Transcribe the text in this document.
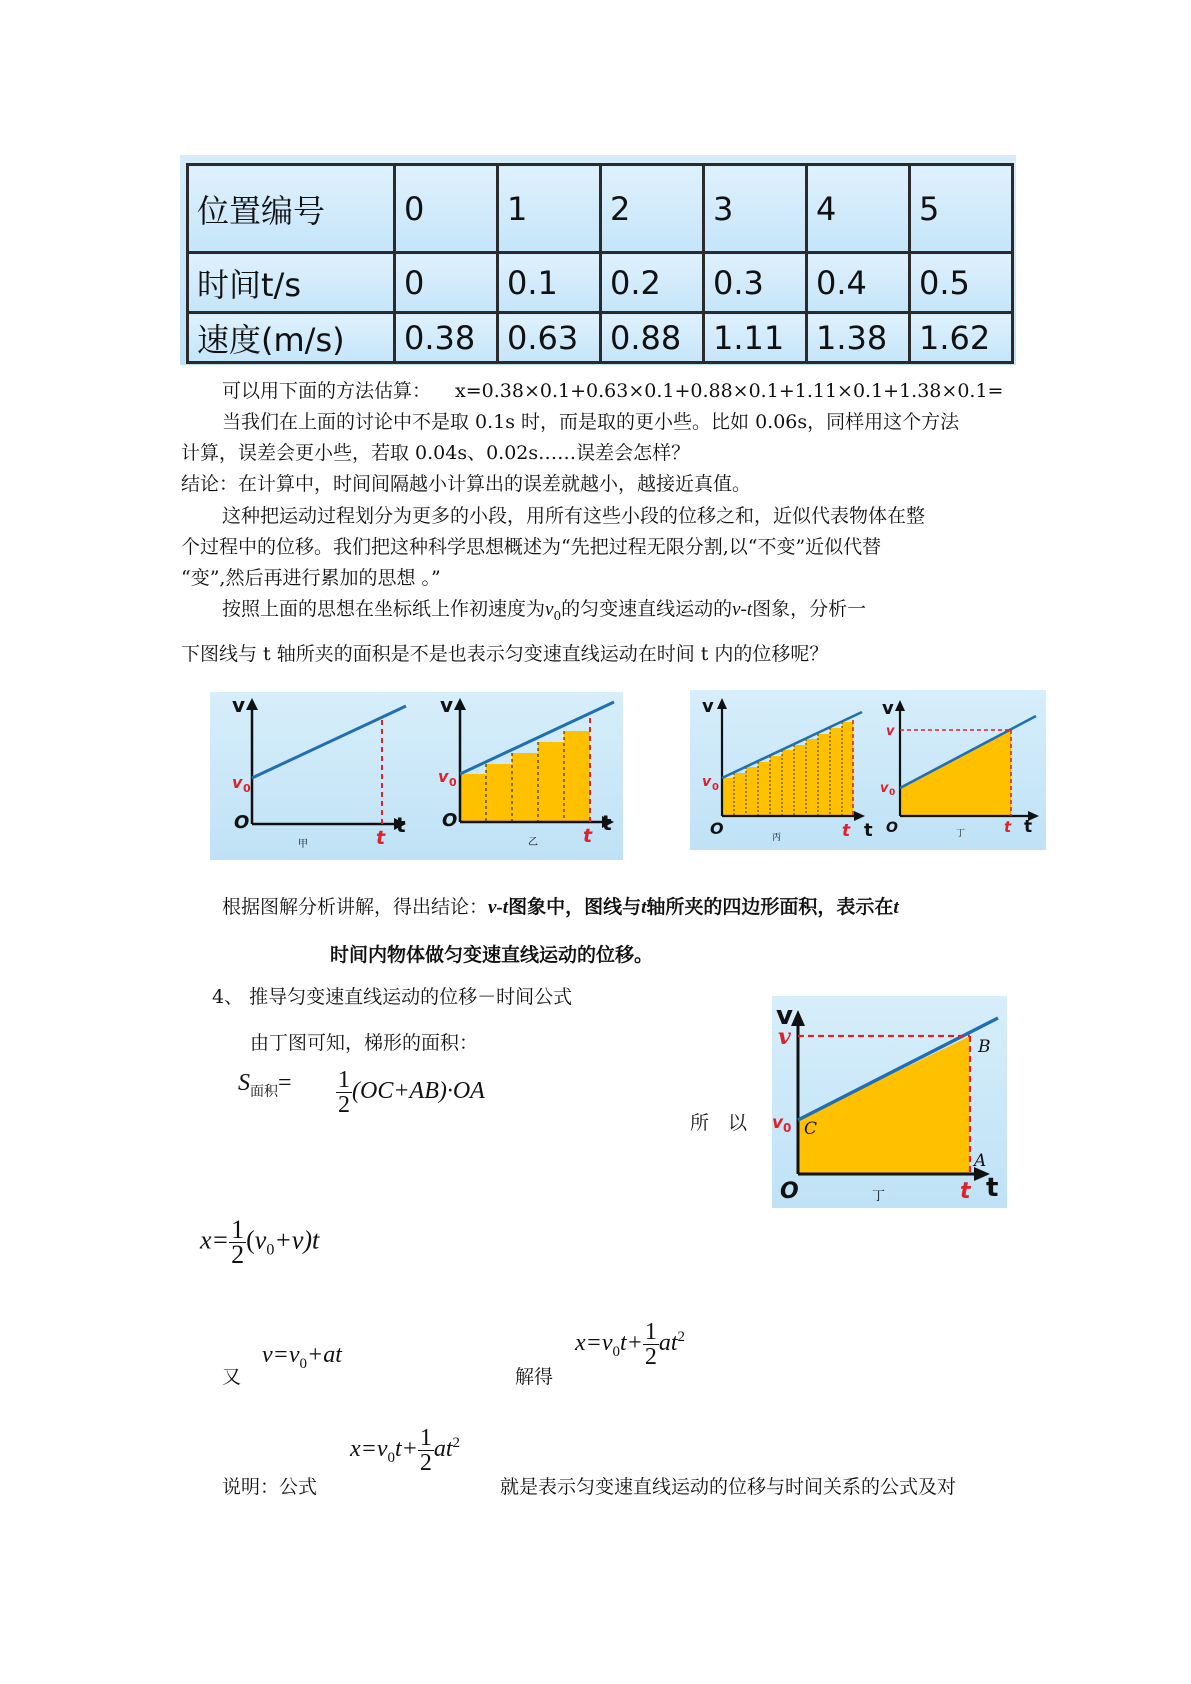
位置编号	0	1	2	3	4	5
时间t/s	0	0.1	0.2	0.3	0.4	0.5
速度(m/s)	0.38	0.63	0.88	1.11	1.38	1.62
可以用下面的方法估算： x=0.38×0.1+0.63×0.1+0.88×0.1+1.11×0.1+1.38×0.1=
当我们在上面的讨论中不是取 0.1s 时，而是取的更小些。比如 0.06s，同样用这个方法
计算，误差会更小些，若取 0.04s、0.02s……误差会怎样？
结论：在计算中，时间间隔越小计算出的误差就越小，越接近真值。
这种把运动过程划分为更多的小段，用所有这些小段的位移之和，近似代表物体在整
个过程中的位移。我们把这种科学思想概述为“先把过程无限分割,以“不变”近似代替
“变”,然后再进行累加的思想 。”
按照上面的思想在坐标纸上作初速度为$v_0$的匀变速直线运动的v-t图象，分析一
下图线与 t 轴所夹的面积是不是也表示匀变速直线运动在时间 t 内的位移呢？
v
v 0
O
t
t
甲
v
v 0
O
t
t
乙
v
v 0
O	t t
丙
v
v
v 0
O	t t
丁
根据图解分析讲解，得出结论：v-t图象中，图线与t轴所夹的四边形面积，表示在t
时间内物体做匀变速直线运动的位移。
4、 推导匀变速直线运动的位移－时间公式
由丁图可知，梯形的面积：
$S_{面积}= \frac{1}{2} (OC+AB)\cdot OA$
所　以
v
v
v 0 C
B
A
O	t t
丁
$x= \frac{1}{2} (v_0+v)t$
又
$v=v_0+at$
解得
$x=v_0t+ \frac{1}{2} at^2$
说明：公式
$x=v_0t+ \frac{1}{2} at^2$
就是表示匀变速直线运动的位移与时间关系的公式及对
